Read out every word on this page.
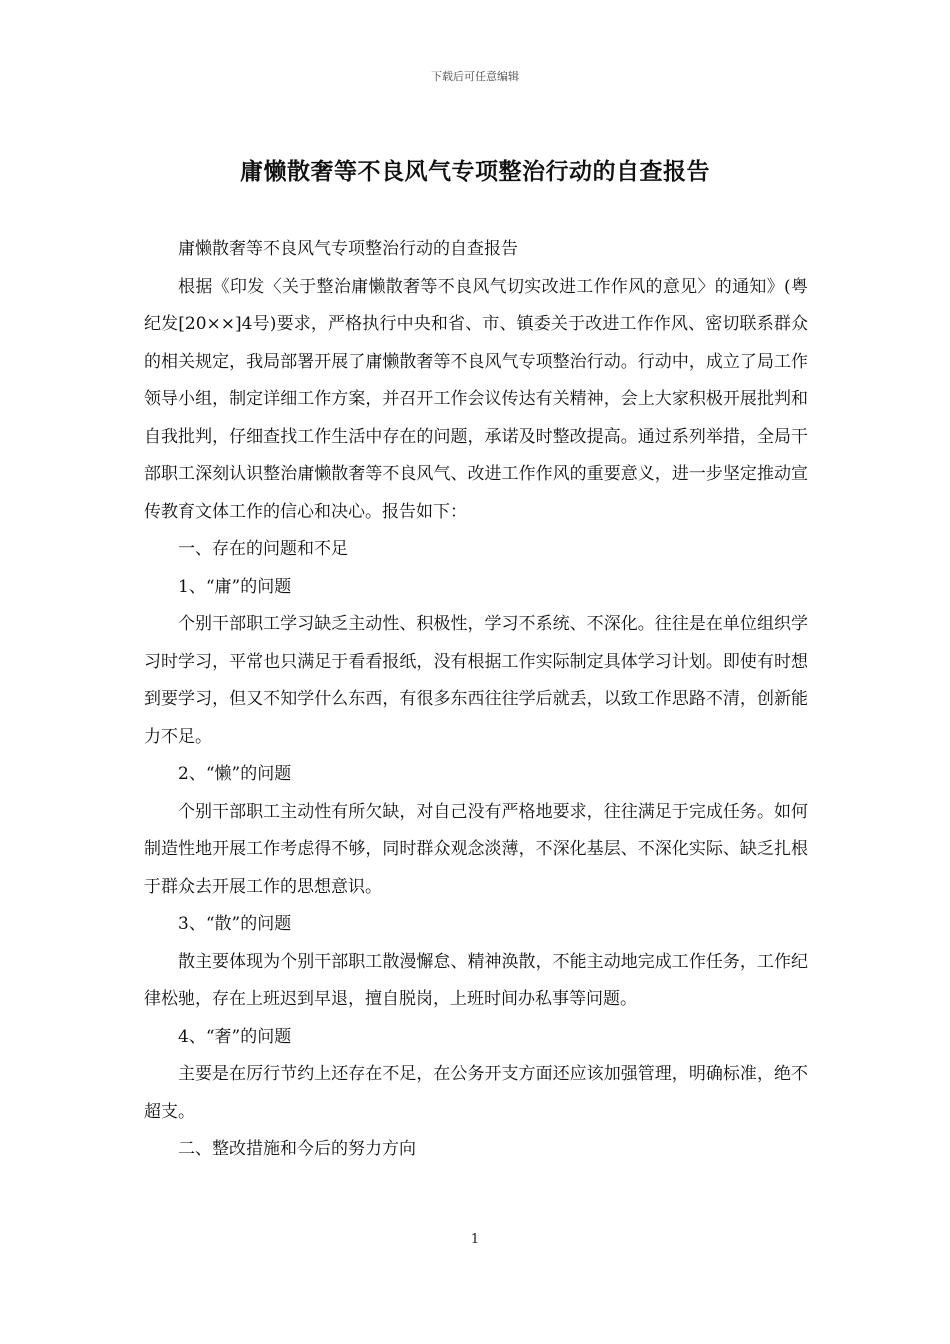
下载后可任意编辑
庸懒散奢等不良风气专项整治行动的自查报告

庸懒散奢等不良风气专项整治行动的自查报告

根据《印发〈关于整治庸懒散奢等不良风气切实改进工作作风的意见〉的通知》(粤纪发[20××]4号)要求，严格执行中央和省、市、镇委关于改进工作作风、密切联系群众的相关规定，我局部署开展了庸懒散奢等不良风气专项整治行动。行动中，成立了局工作领导小组，制定详细工作方案，并召开工作会议传达有关精神，会上大家积极开展批判和自我批判，仔细查找工作生活中存在的问题，承诺及时整改提高。通过系列举措，全局干部职工深刻认识整治庸懒散奢等不良风气、改进工作作风的重要意义，进一步坚定推动宣传教育文体工作的信心和决心。报告如下：

一、存在的问题和不足

1、“庸”的问题

个别干部职工学习缺乏主动性、积极性，学习不系统、不深化。往往是在单位组织学习时学习，平常也只满足于看看报纸，没有根据工作实际制定具体学习计划。即使有时想到要学习，但又不知学什么东西，有很多东西往往学后就丢，以致工作思路不清，创新能力不足。

2、“懒”的问题

个别干部职工主动性有所欠缺，对自己没有严格地要求，往往满足于完成任务。如何制造性地开展工作考虑得不够，同时群众观念淡薄，不深化基层、不深化实际、缺乏扎根于群众去开展工作的思想意识。

3、“散”的问题

散主要体现为个别干部职工散漫懈怠、精神涣散，不能主动地完成工作任务，工作纪律松驰，存在上班迟到早退，擅自脱岗，上班时间办私事等问题。

4、“奢”的问题

主要是在厉行节约上还存在不足，在公务开支方面还应该加强管理，明确标准，绝不超支。

二、整改措施和今后的努力方向

1
